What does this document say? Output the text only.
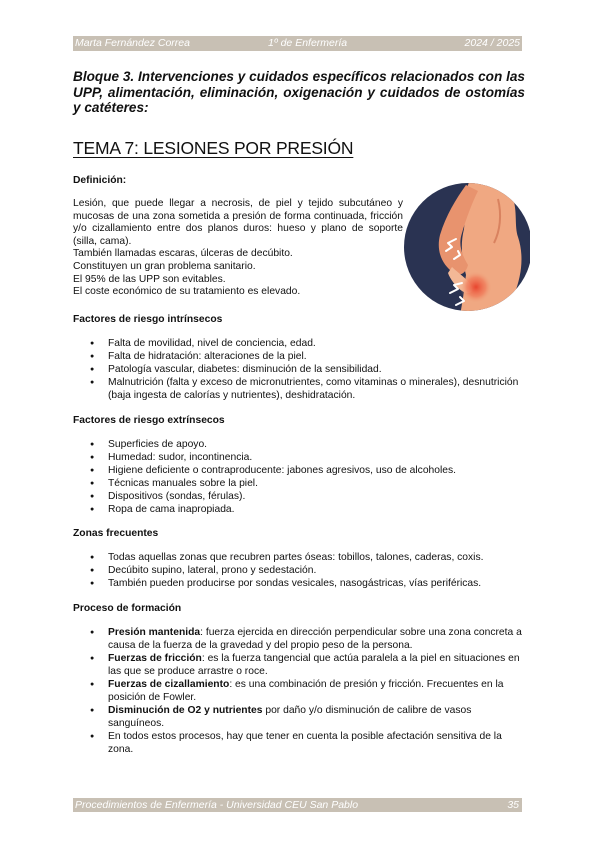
Marta Fernández Correa	1º de Enfermería	2024 / 2025
Bloque 3. Intervenciones y cuidados específicos relacionados con las UPP, alimentación, eliminación, oxigenación y cuidados de ostomías y catéteres:
TEMA 7: LESIONES POR PRESIÓN

Definición:

Lesión, que puede llegar a necrosis, de piel y tejido subcutáneo y mucosas de una zona sometida a presión de forma continuada, fricción y/o cizallamiento entre dos planos duros: hueso y plano de soporte (silla, cama).

También llamadas escaras, úlceras de decúbito.

Constituyen un gran problema sanitario.

El 95% de las UPP son evitables.

El coste económico de su tratamiento es elevado.

Factores de riesgo intrínsecos

● Falta de movilidad, nivel de conciencia, edad.
● Falta de hidratación: alteraciones de la piel.
● Patología vascular, diabetes: disminución de la sensibilidad.
● Malnutrición (falta y exceso de micronutrientes, como vitaminas o minerales), desnutrición (baja ingesta de calorías y nutrientes), deshidratación.

Factores de riesgo extrínsecos

● Superficies de apoyo.
● Humedad: sudor, incontinencia.
● Higiene deficiente o contraproducente: jabones agresivos, uso de alcoholes.
● Técnicas manuales sobre la piel.
● Dispositivos (sondas, férulas).
● Ropa de cama inapropiada.

Zonas frecuentes

● Todas aquellas zonas que recubren partes óseas: tobillos, talones, caderas, coxis.
● Decúbito supino, lateral, prono y sedestación.
● También pueden producirse por sondas vesicales, nasogástricas, vías periféricas.

Proceso de formación

● Presión mantenida: fuerza ejercida en dirección perpendicular sobre una zona concreta a causa de la fuerza de la gravedad y del propio peso de la persona.
● Fuerzas de fricción: es la fuerza tangencial que actúa paralela a la piel en situaciones en las que se produce arrastre o roce.
● Fuerzas de cizallamiento: es una combinación de presión y fricción. Frecuentes en la posición de Fowler.
● Disminución de O2 y nutrientes por daño y/o disminución de calibre de vasos sanguíneos.
● En todos estos procesos, hay que tener en cuenta la posible afectación sensitiva de la zona.
Procedimientos de Enfermería - Universidad CEU San Pablo	35
